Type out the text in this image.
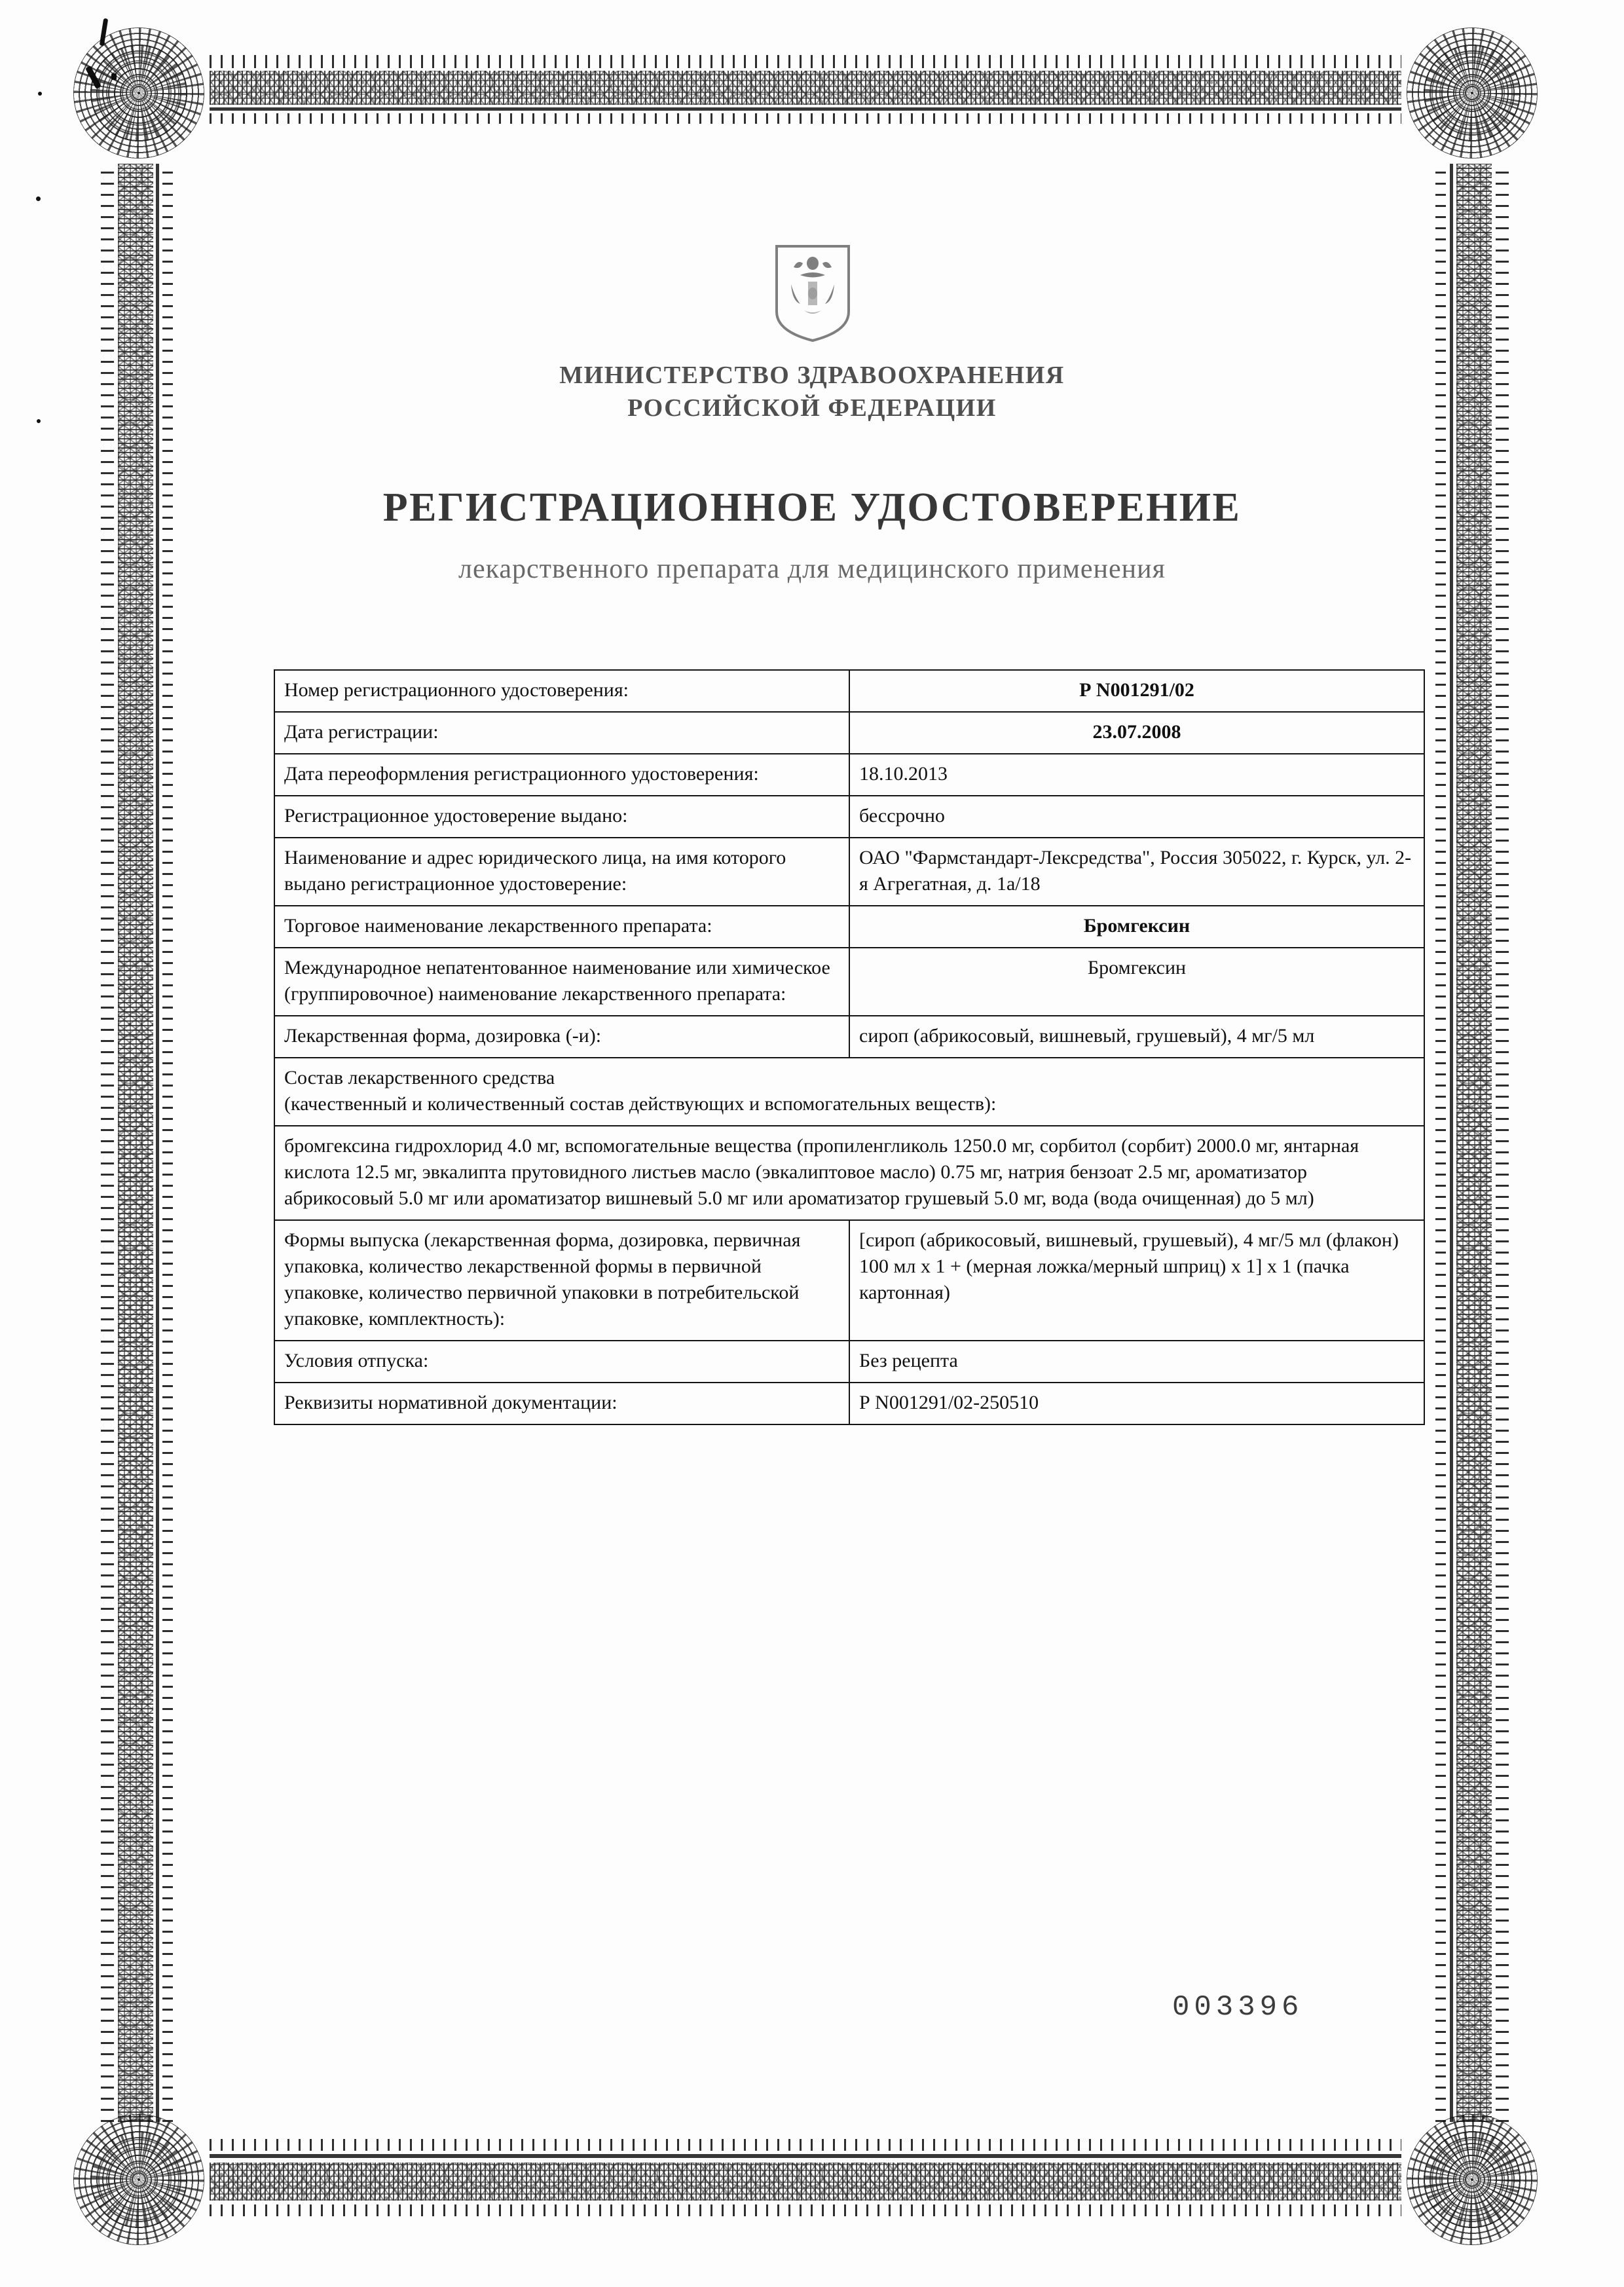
МИНИСТЕРСТВО ЗДРАВООХРАНЕНИЯ
РОССИЙСКОЙ ФЕДЕРАЦИИ
РЕГИСТРАЦИОННОЕ УДОСТОВЕРЕНИЕ
лекарственного препарата для медицинского применения
Номер регистрационного удостоверения:	Р N001291/02
Дата регистрации:	23.07.2008
Дата переоформления регистрационного удостоверения:	18.10.2013
Регистрационное удостоверение выдано:	бессрочно
Наименование и адрес юридического лица, на имя которого выдано регистрационное удостоверение:	ОАО "Фармстандарт-Лексредства", Россия 305022, г. Курск, ул. 2-я Агрегатная, д. 1а/18
Торговое наименование лекарственного препарата:	Бромгексин
Международное непатентованное наименование или химическое (группировочное) наименование лекарственного препарата:	Бромгексин
Лекарственная форма, дозировка (-и):	сироп (абрикосовый, вишневый, грушевый), 4 мг/5 мл

Состав лекарственного средства
(качественный и количественный состав действующих и вспомогательных веществ):	

бромгексина гидрохлорид 4.0 мг, вспомогательные вещества (пропиленгликоль 1250.0 мг, сорбитол (сорбит) 2000.0 мг, янтарная кислота 12.5 мг, эвкалипта прутовидного листьев масло (эвкалиптовое масло) 0.75 мг, натрия бензоат 2.5 мг, ароматизатор абрикосовый 5.0 мг или ароматизатор вишневый 5.0 мг или ароматизатор грушевый 5.0 мг, вода (вода очищенная) до 5 мл)	
Формы выпуска (лекарственная форма, дозировка, первичная упаковка, количество лекарственной формы в первичной упаковке, количество первичной упаковки в потребительской упаковке, комплектность):	[сироп (абрикосовый, вишневый, грушевый), 4 мг/5 мл (флакон) 100 мл х 1 + (мерная ложка/мерный шприц) х 1] х 1 (пачка картонная)
Условия отпуска:	Без рецепта
Реквизиты нормативной документации:	Р N001291/02-250510
003396
